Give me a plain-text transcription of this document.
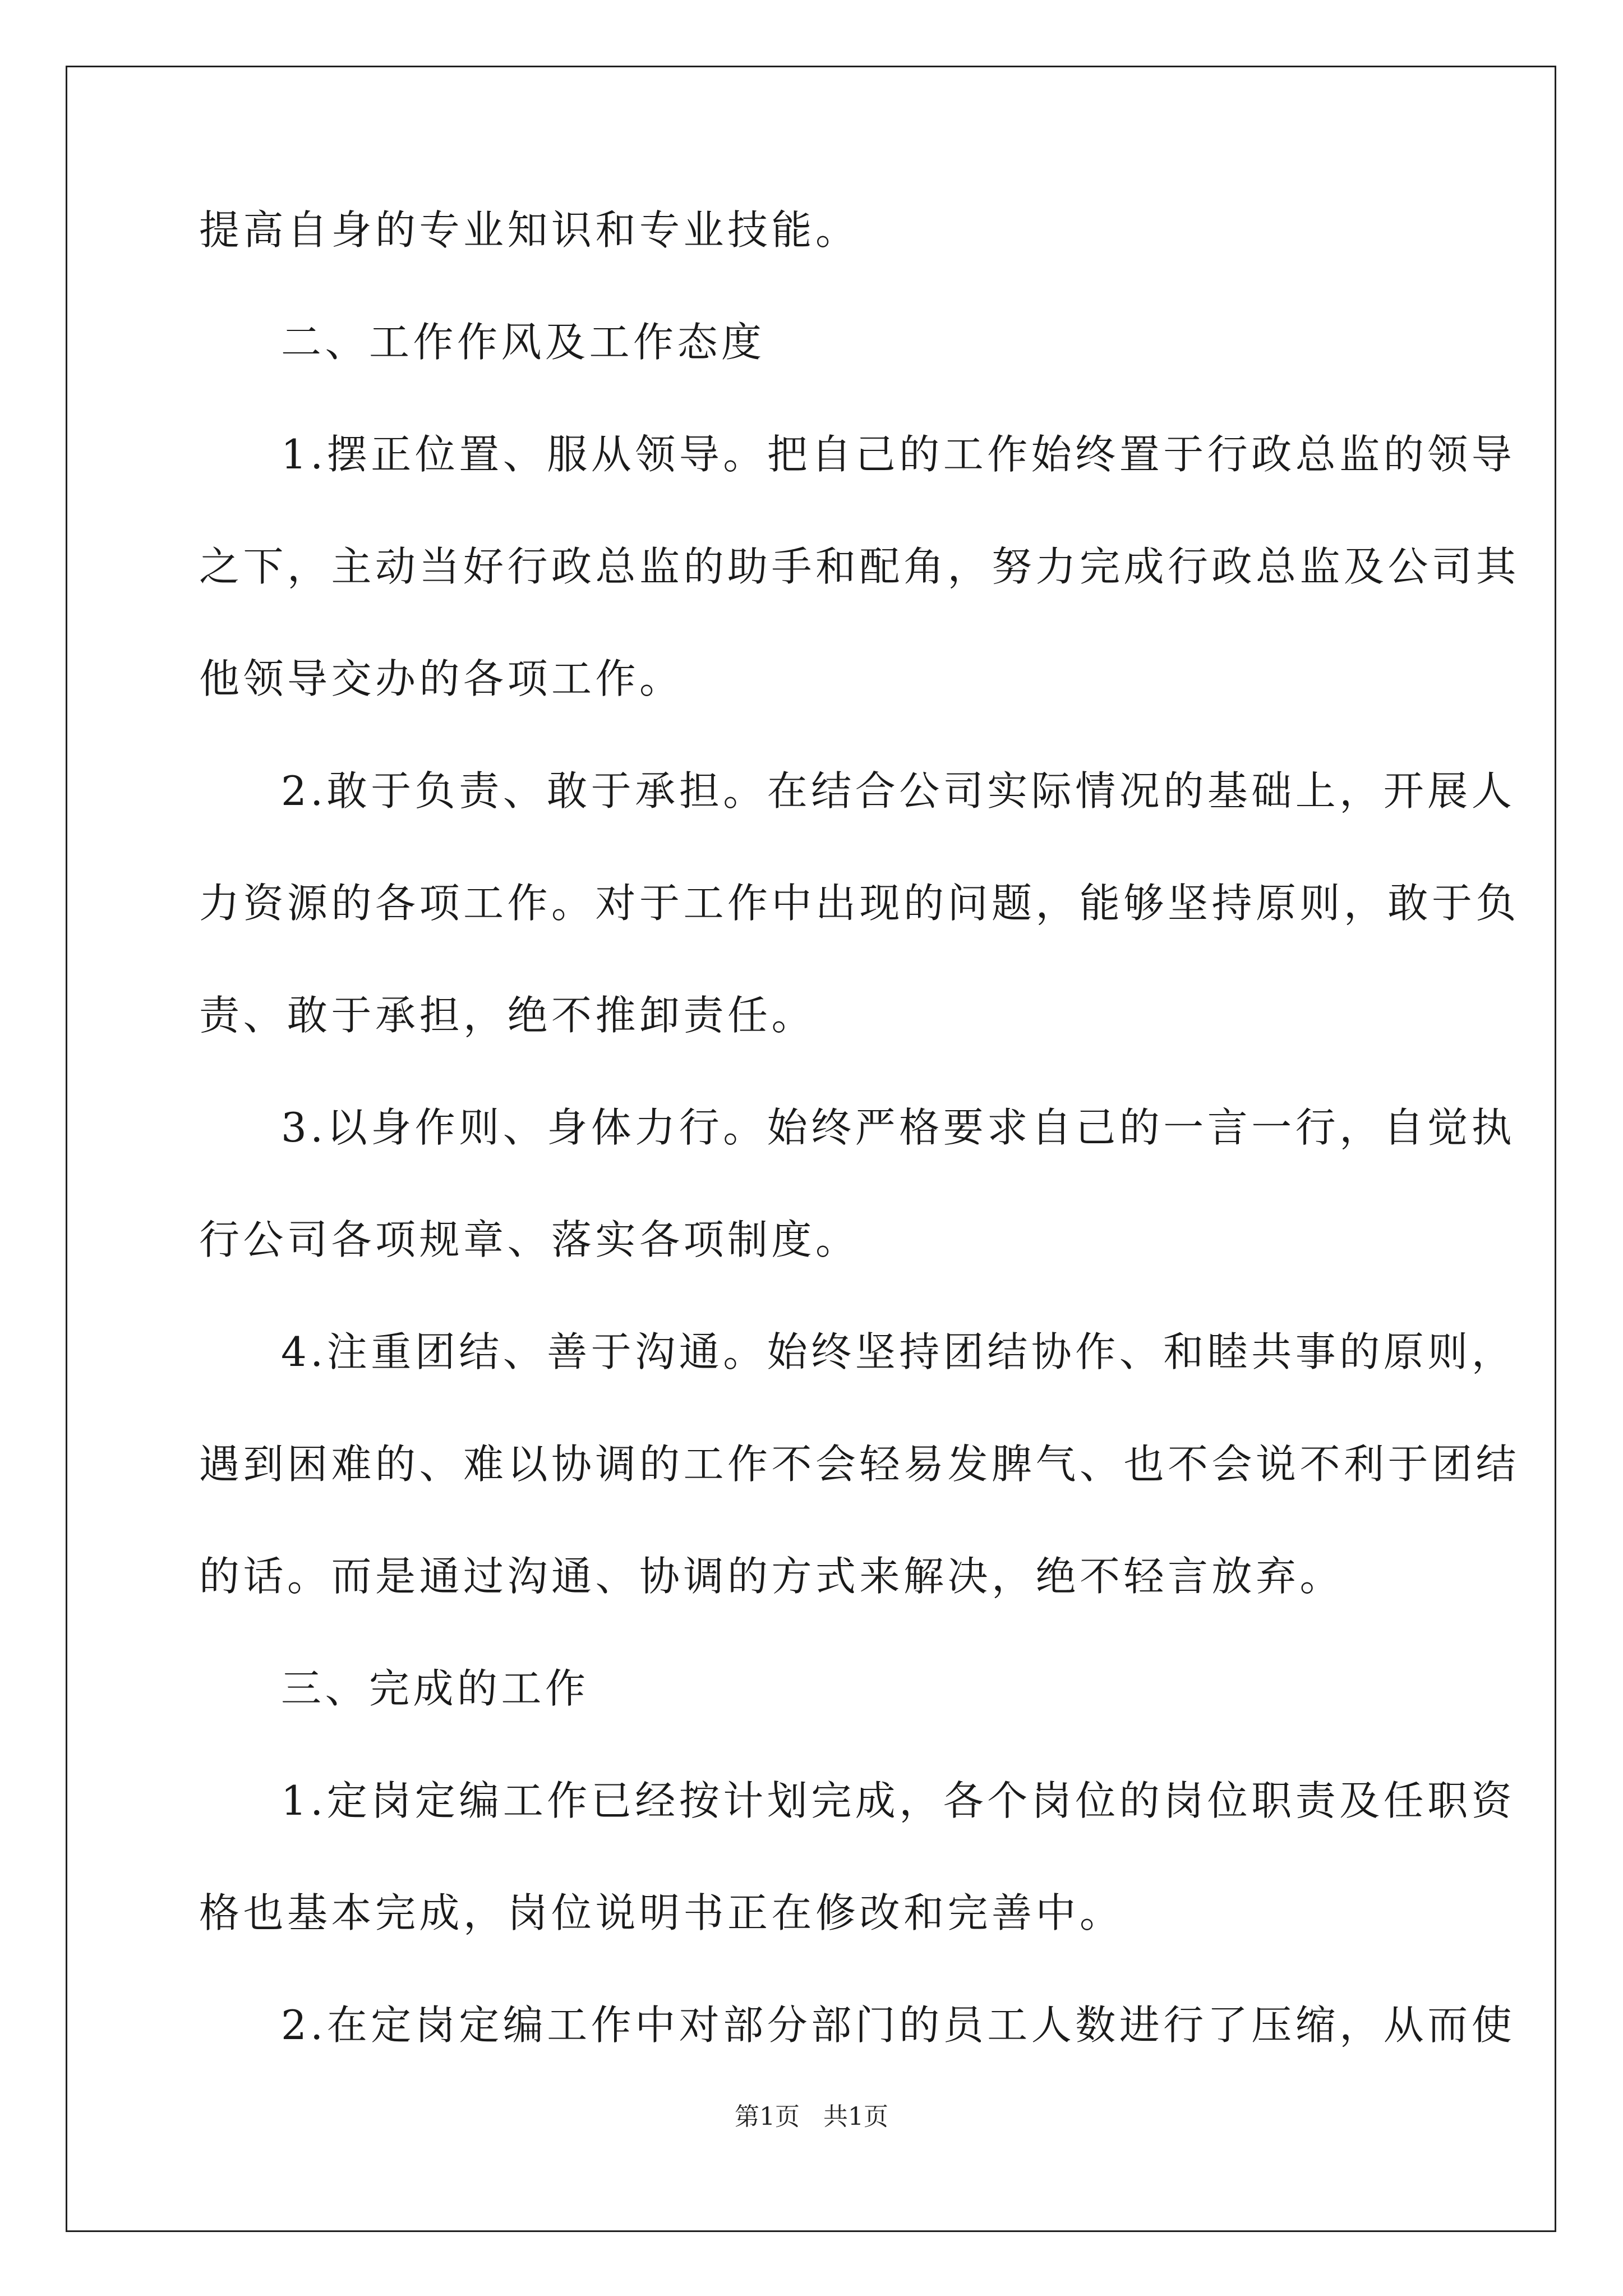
提高自身的专业知识和专业技能。
二、工作作风及工作态度
1.摆正位置、服从领导。把自己的工作始终置于行政总监的领导
之下，主动当好行政总监的助手和配角，努力完成行政总监及公司其
他领导交办的各项工作。
2.敢于负责、敢于承担。在结合公司实际情况的基础上，开展人
力资源的各项工作。对于工作中出现的问题，能够坚持原则，敢于负
责、敢于承担，绝不推卸责任。
3.以身作则、身体力行。始终严格要求自己的一言一行，自觉执
行公司各项规章、落实各项制度。
4.注重团结、善于沟通。始终坚持团结协作、和睦共事的原则，
遇到困难的、难以协调的工作不会轻易发脾气、也不会说不利于团结
的话。而是通过沟通、协调的方式来解决，绝不轻言放弃。
三、完成的工作
1.定岗定编工作已经按计划完成，各个岗位的岗位职责及任职资
格也基本完成，岗位说明书正在修改和完善中。
2.在定岗定编工作中对部分部门的员工人数进行了压缩，从而使
第1页 共1页
